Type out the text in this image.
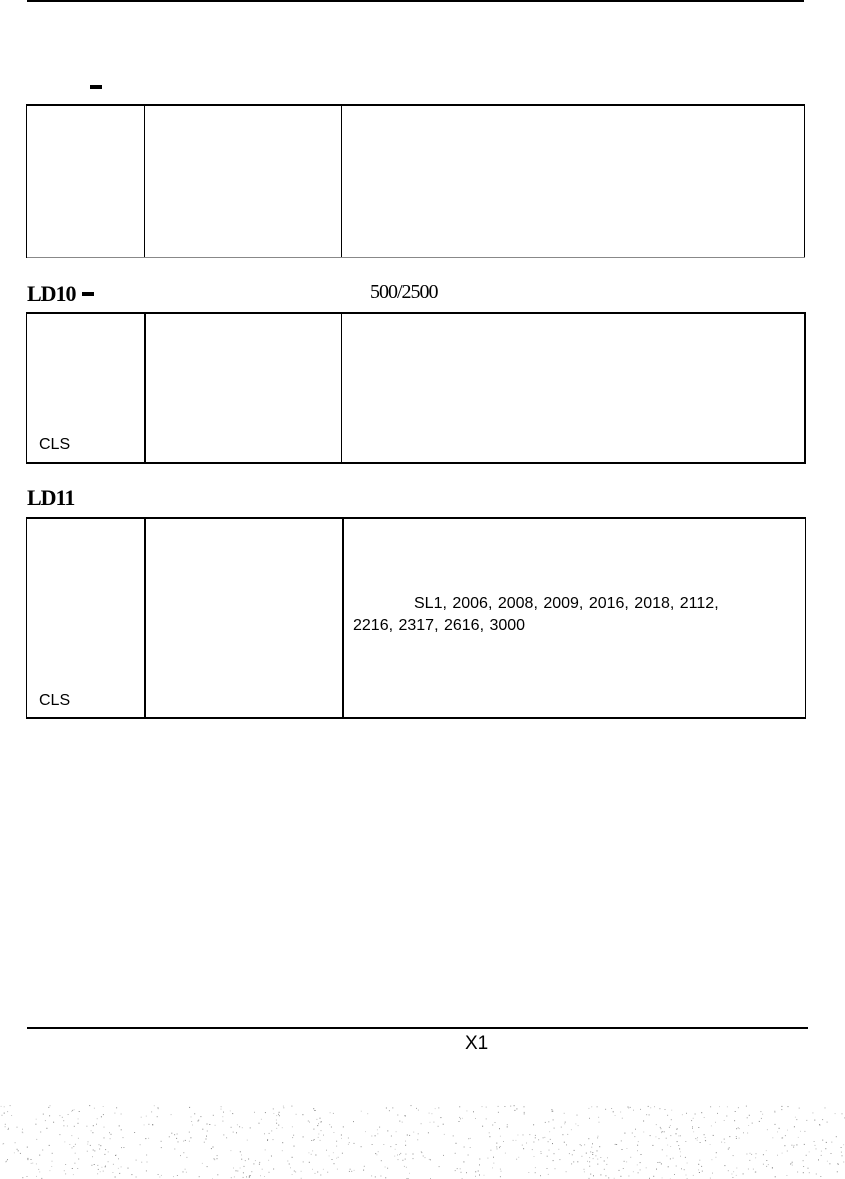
LD10	500/2500
CLS
LD11
SL1, 2006, 2008, 2009, 2016, 2018, 2112,
2216, 2317, 2616, 3000
CLS
X1
